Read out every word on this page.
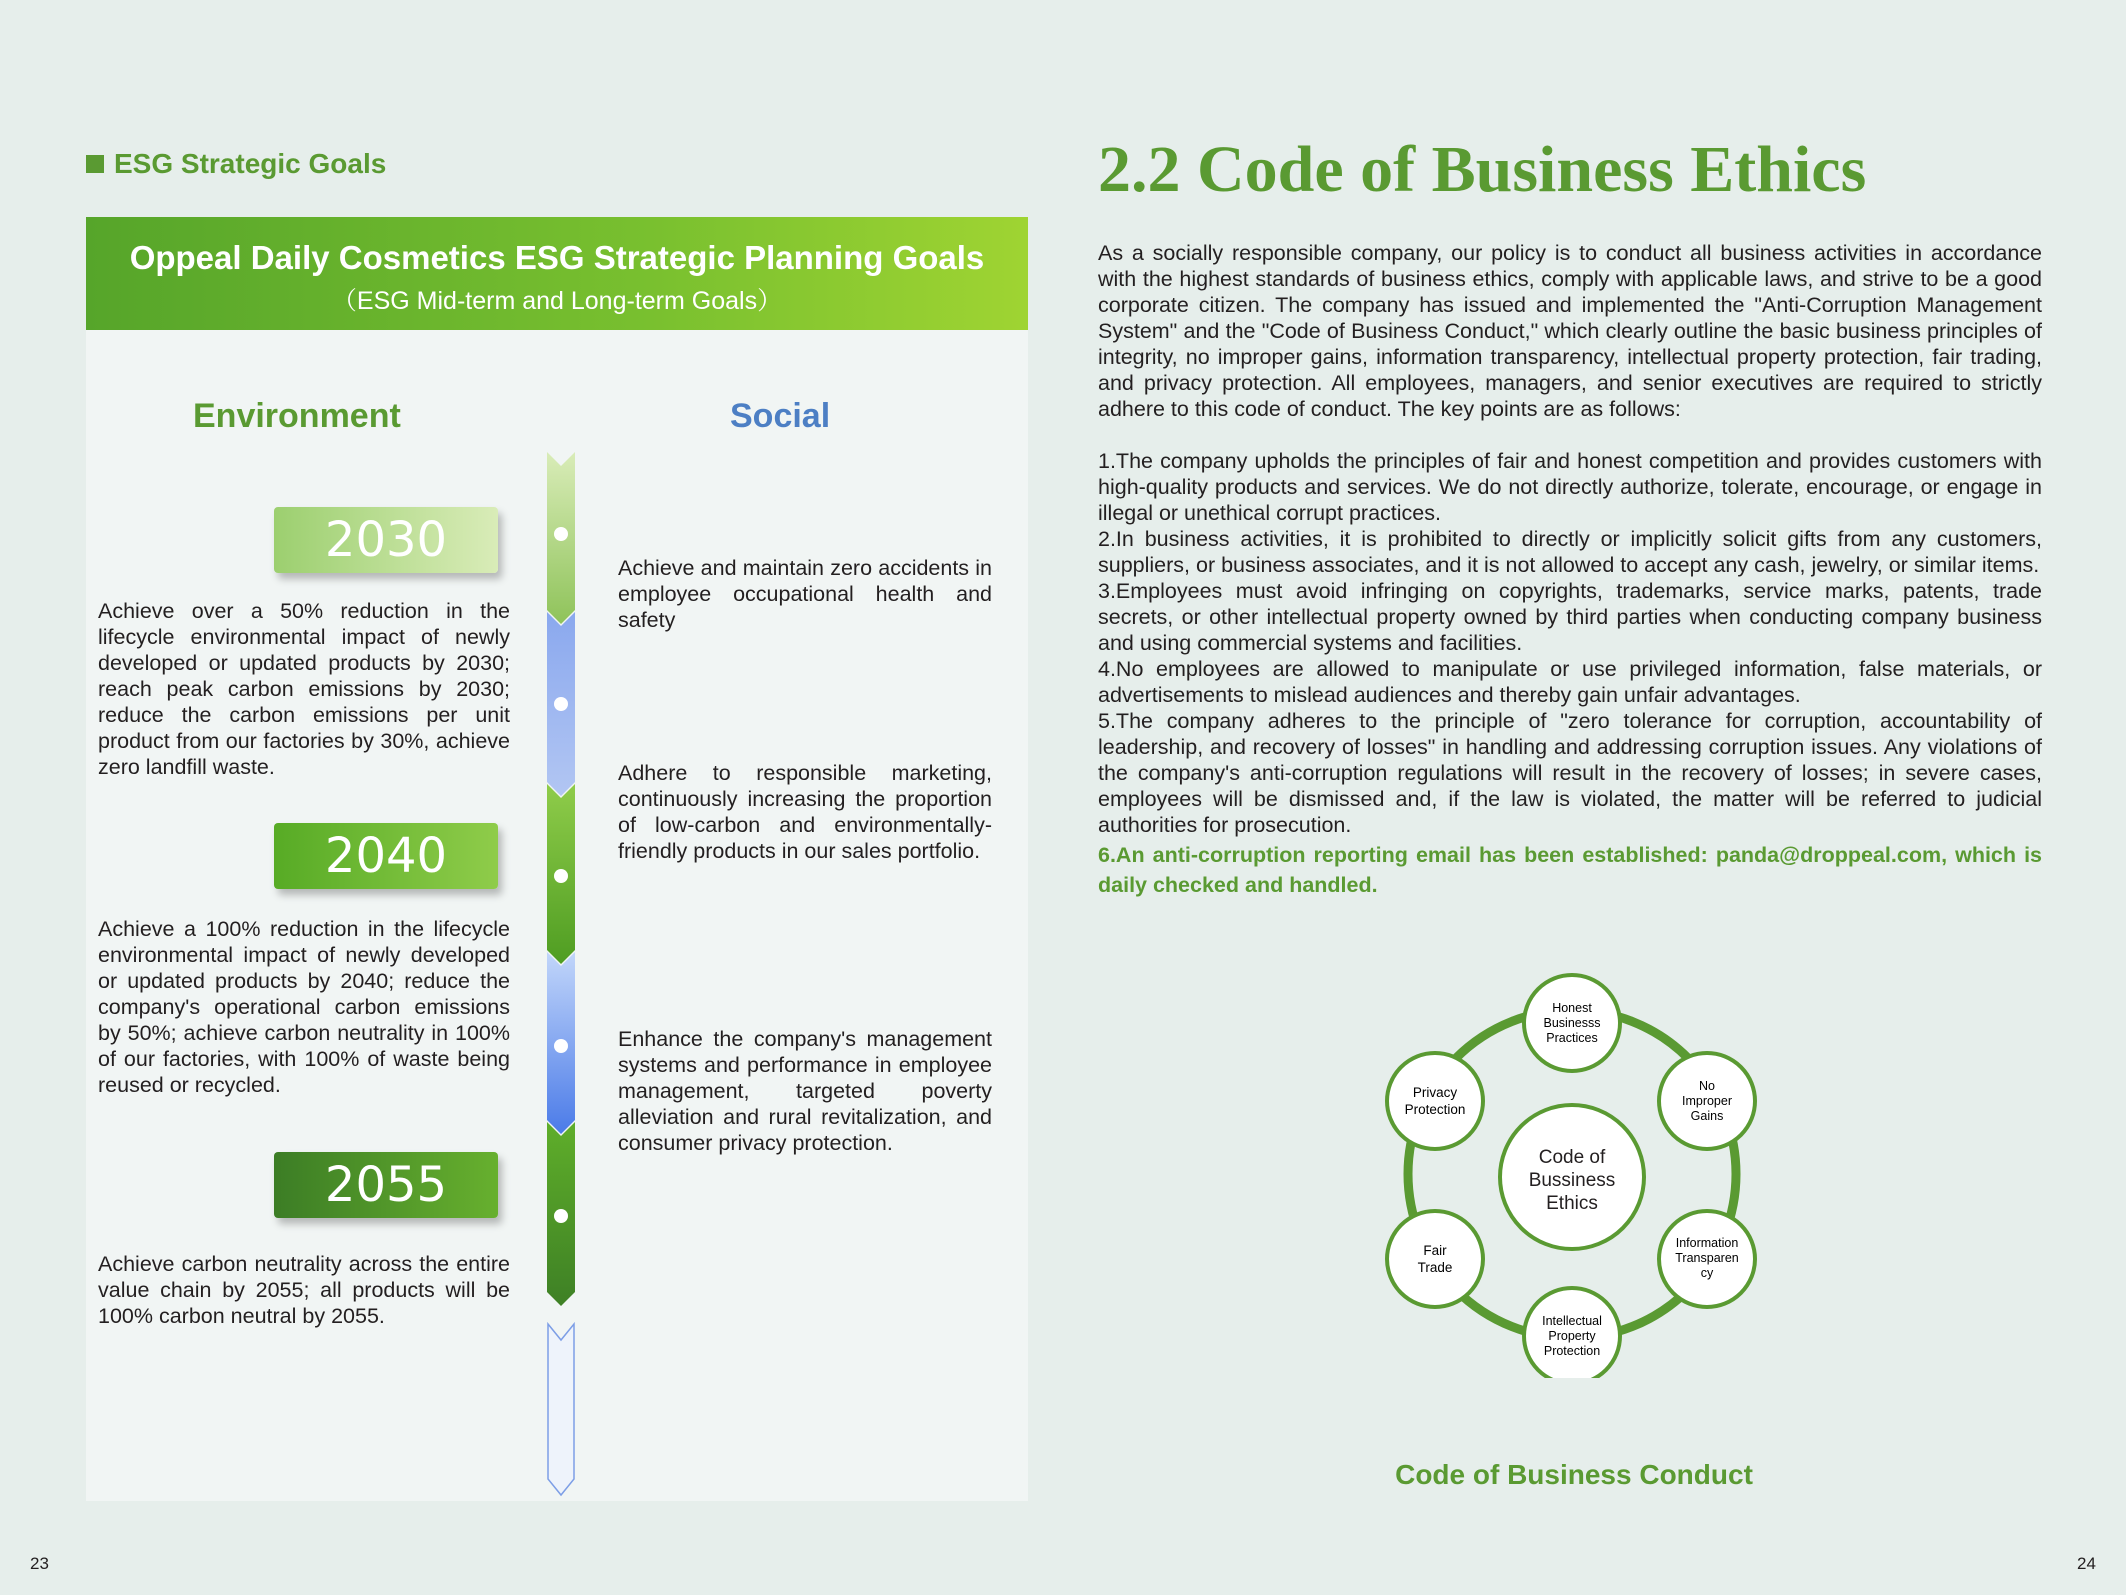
ESG Strategic Goals
Oppeal Daily Cosmetics ESG Strategic Planning Goals
（ESG Mid-term and Long-term Goals）
Environment	Social
2030
2040
2055
Achieve over a 50% reduction in the lifecycle environmental impact of newly developed or updated products by 2030; reach peak carbon emissions by 2030; reduce the carbon emissions per unit product from our factories by 30%, achieve zero landfill waste.
Achieve a 100% reduction in the lifecycle environmental impact of newly developed or updated products by 2040; reduce the company's operational carbon emissions by 50%; achieve carbon neutrality in 100% of our factories, with 100% of waste being reused or recycled.
Achieve carbon neutrality across the entire value chain by 2055; all products will be 100% carbon neutral by 2055.
Achieve and maintain zero accidents in employee occupational health and safety
Adhere to responsible marketing, continuously increasing the proportion of low-carbon and environmentally-friendly products in our sales portfolio.
Enhance the company's management systems and performance in employee management, targeted poverty alleviation and rural revitalization, and consumer privacy protection.
23
2.2 Code of Business Ethics

As a socially responsible company, our policy is to conduct all business activities in accordance with the highest standards of business ethics, comply with applicable laws, and strive to be a good corporate citizen. The company has issued and implemented the "Anti-Corruption Management System" and the "Code of Business Conduct," which clearly outline the basic business principles of integrity, no improper gains, information transparency, intellectual property protection, fair trading, and privacy protection. All employees, managers, and senior executives are required to strictly adhere to this code of conduct. The key points are as follows:

1.The company upholds the principles of fair and honest competition and provides customers with high-quality products and services. We do not directly authorize, tolerate, encourage, or engage in illegal or unethical corrupt practices.

2.In business activities, it is prohibited to directly or implicitly solicit gifts from any customers, suppliers, or business associates, and it is not allowed to accept any cash, jewelry, or similar items.

3.Employees must avoid infringing on copyrights, trademarks, service marks, patents, trade secrets, or other intellectual property owned by third parties when conducting company business and using commercial systems and facilities.

4.No employees are allowed to manipulate or use privileged information, false materials, or advertisements to mislead audiences and thereby gain unfair advantages.

5.The company adheres to the principle of "zero tolerance for corruption, accountability of leadership, and recovery of losses" in handling and addressing corruption issues. Any violations of the company's anti-corruption regulations will result in the recovery of losses; in severe cases, employees will be dismissed and, if the law is violated, the matter will be referred to judicial authorities for prosecution.

6.An anti-corruption reporting email has been established: panda@droppeal.com, which is daily checked and handled.

Code of
Bussiness
Ethics
Honest
Businesss
Practices
No
Improper
Gains
Information
Transparen
cy
Intellectual
Property
Protection
Fair
Trade
Privacy
Protection
Code of Business Conduct
24
